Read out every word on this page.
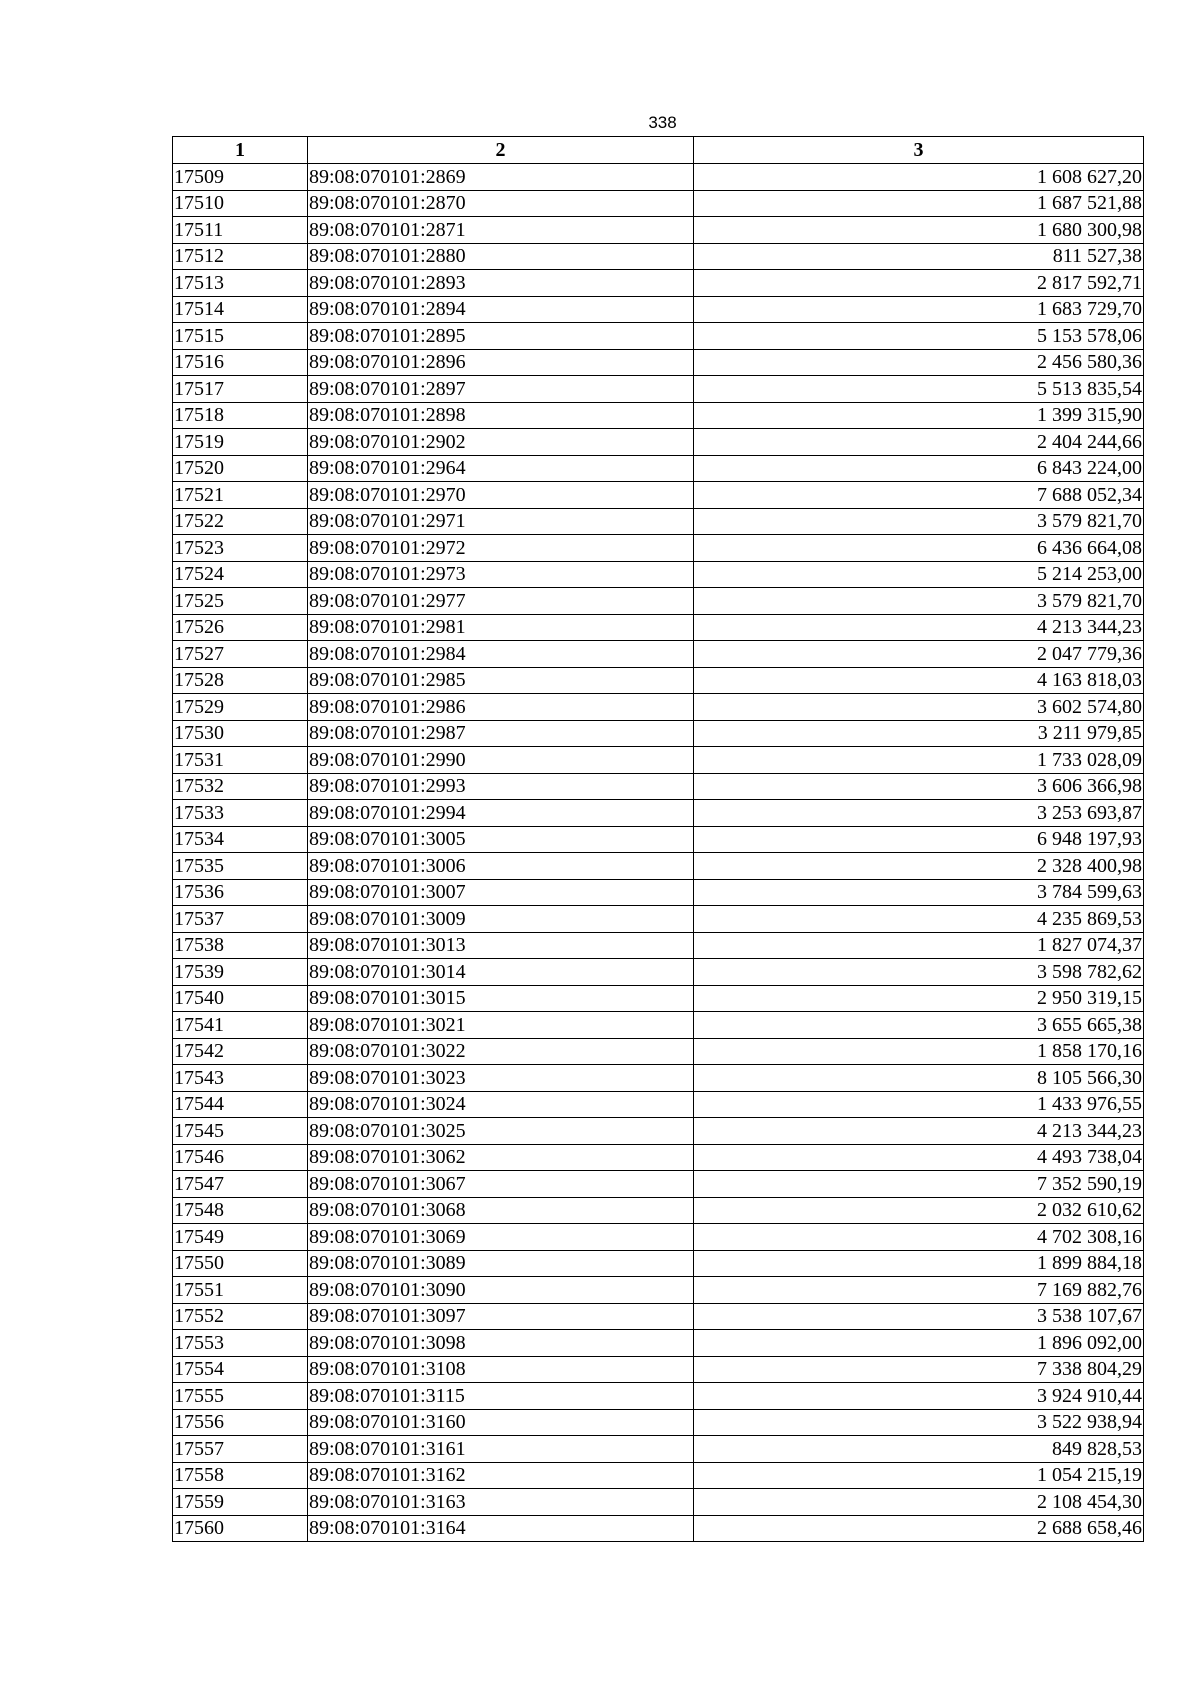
338
1	2	3
17509	89:08:070101:2869	1 608 627,20
17510	89:08:070101:2870	1 687 521,88
17511	89:08:070101:2871	1 680 300,98
17512	89:08:070101:2880	811 527,38
17513	89:08:070101:2893	2 817 592,71
17514	89:08:070101:2894	1 683 729,70
17515	89:08:070101:2895	5 153 578,06
17516	89:08:070101:2896	2 456 580,36
17517	89:08:070101:2897	5 513 835,54
17518	89:08:070101:2898	1 399 315,90
17519	89:08:070101:2902	2 404 244,66
17520	89:08:070101:2964	6 843 224,00
17521	89:08:070101:2970	7 688 052,34
17522	89:08:070101:2971	3 579 821,70
17523	89:08:070101:2972	6 436 664,08
17524	89:08:070101:2973	5 214 253,00
17525	89:08:070101:2977	3 579 821,70
17526	89:08:070101:2981	4 213 344,23
17527	89:08:070101:2984	2 047 779,36
17528	89:08:070101:2985	4 163 818,03
17529	89:08:070101:2986	3 602 574,80
17530	89:08:070101:2987	3 211 979,85
17531	89:08:070101:2990	1 733 028,09
17532	89:08:070101:2993	3 606 366,98
17533	89:08:070101:2994	3 253 693,87
17534	89:08:070101:3005	6 948 197,93
17535	89:08:070101:3006	2 328 400,98
17536	89:08:070101:3007	3 784 599,63
17537	89:08:070101:3009	4 235 869,53
17538	89:08:070101:3013	1 827 074,37
17539	89:08:070101:3014	3 598 782,62
17540	89:08:070101:3015	2 950 319,15
17541	89:08:070101:3021	3 655 665,38
17542	89:08:070101:3022	1 858 170,16
17543	89:08:070101:3023	8 105 566,30
17544	89:08:070101:3024	1 433 976,55
17545	89:08:070101:3025	4 213 344,23
17546	89:08:070101:3062	4 493 738,04
17547	89:08:070101:3067	7 352 590,19
17548	89:08:070101:3068	2 032 610,62
17549	89:08:070101:3069	4 702 308,16
17550	89:08:070101:3089	1 899 884,18
17551	89:08:070101:3090	7 169 882,76
17552	89:08:070101:3097	3 538 107,67
17553	89:08:070101:3098	1 896 092,00
17554	89:08:070101:3108	7 338 804,29
17555	89:08:070101:3115	3 924 910,44
17556	89:08:070101:3160	3 522 938,94
17557	89:08:070101:3161	849 828,53
17558	89:08:070101:3162	1 054 215,19
17559	89:08:070101:3163	2 108 454,30
17560	89:08:070101:3164	2 688 658,46
